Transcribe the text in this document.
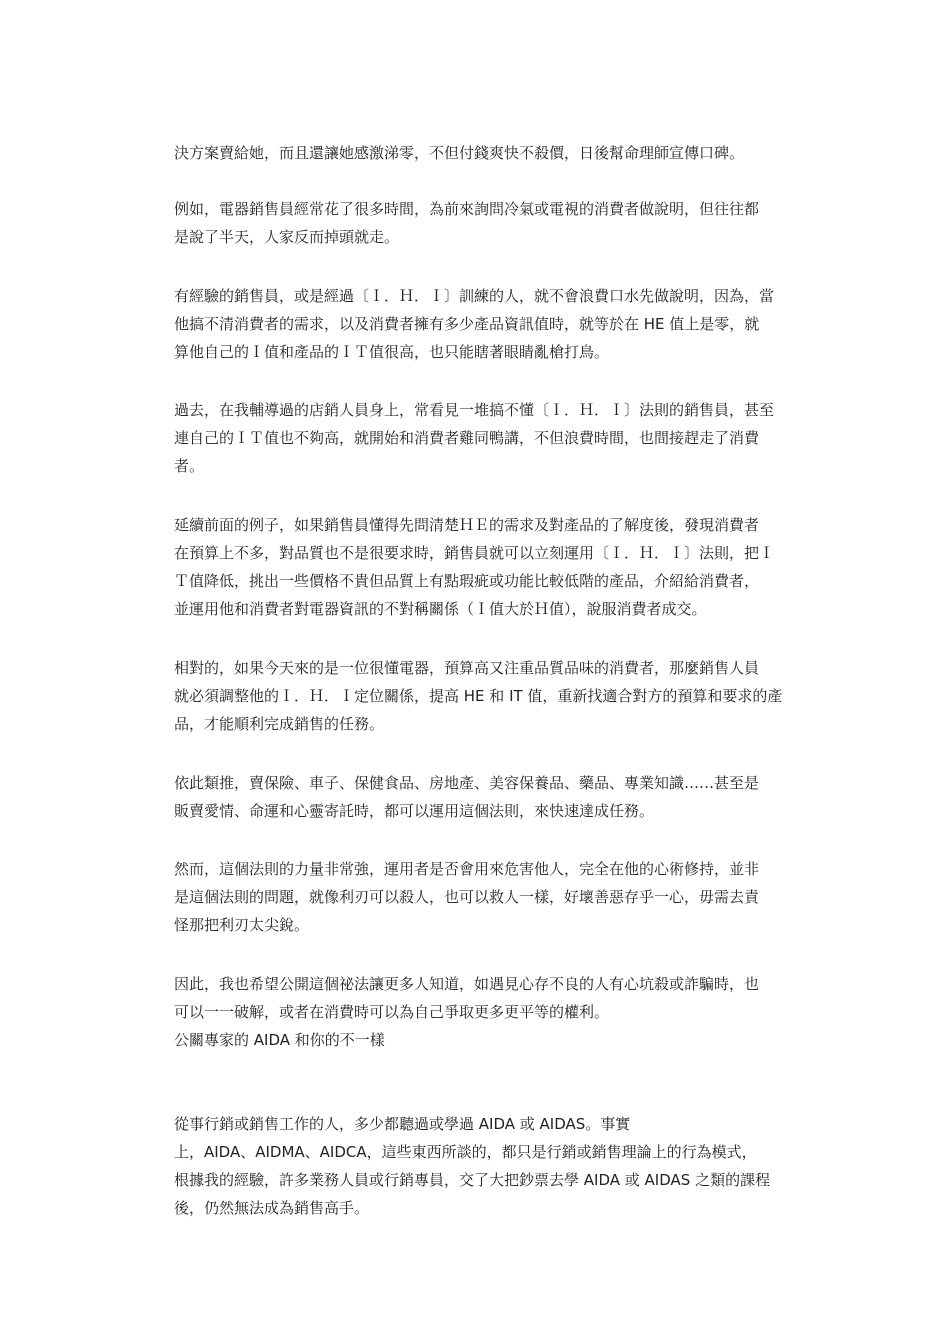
決方案賣給她，而且還讓她感激涕零，不但付錢爽快不殺價，日後幫命理師宣傳口碑。

例如，電器銷售員經常花了很多時間，為前來詢問冷氣或電視的消費者做說明，但往往都

是說了半天，人家反而掉頭就走。

有經驗的銷售員，或是經過〔Ｉ．Ｈ．Ｉ〕訓練的人，就不會浪費口水先做說明，因為，當

他搞不清消費者的需求，以及消費者擁有多少產品資訊值時，就等於在 HE 值上是零，就

算他自己的Ｉ值和產品的ＩＴ值很高，也只能瞎著眼睛亂槍打鳥。

過去，在我輔導過的店銷人員身上，常看見一堆搞不懂〔Ｉ．Ｈ．Ｉ〕法則的銷售員，甚至

連自己的ＩＴ值也不夠高，就開始和消費者雞同鴨講，不但浪費時間，也間接趕走了消費

者。

延續前面的例子，如果銷售員懂得先問清楚ＨＥ的需求及對產品的了解度後，發現消費者

在預算上不多，對品質也不是很要求時，銷售員就可以立刻運用〔Ｉ．Ｈ．Ｉ〕法則，把Ｉ

Ｔ值降低，挑出一些價格不貴但品質上有點瑕疵或功能比較低階的產品，介紹給消費者，

並運用他和消費者對電器資訊的不對稱關係（Ｉ值大於Ｈ值），說服消費者成交。

相對的，如果今天來的是一位很懂電器，預算高又注重品質品味的消費者，那麼銷售人員

就必須調整他的Ｉ．Ｈ．Ｉ定位關係，提高 HE 和 IT 值，重新找適合對方的預算和要求的產

品，才能順利完成銷售的任務。

依此類推，賣保險、車子、保健食品、房地產、美容保養品、藥品、專業知識……甚至是

販賣愛情、命運和心靈寄託時，都可以運用這個法則，來快速達成任務。

然而，這個法則的力量非常強，運用者是否會用來危害他人，完全在他的心術修持，並非

是這個法則的問題，就像利刃可以殺人，也可以救人一樣，好壞善惡存乎一心，毋需去責

怪那把利刃太尖銳。

因此，我也希望公開這個祕法讓更多人知道，如遇見心存不良的人有心坑殺或詐騙時，也

可以一一破解，或者在消費時可以為自己爭取更多更平等的權利。

公關專家的 AIDA 和你的不一樣

從事行銷或銷售工作的人，多少都聽過或學過 AIDA 或 AIDAS。事實

上，AIDA、AIDMA、AIDCA，這些東西所談的，都只是行銷或銷售理論上的行為模式，

根據我的經驗，許多業務人員或行銷專員，交了大把鈔票去學 AIDA 或 AIDAS 之類的課程

後，仍然無法成為銷售高手。
